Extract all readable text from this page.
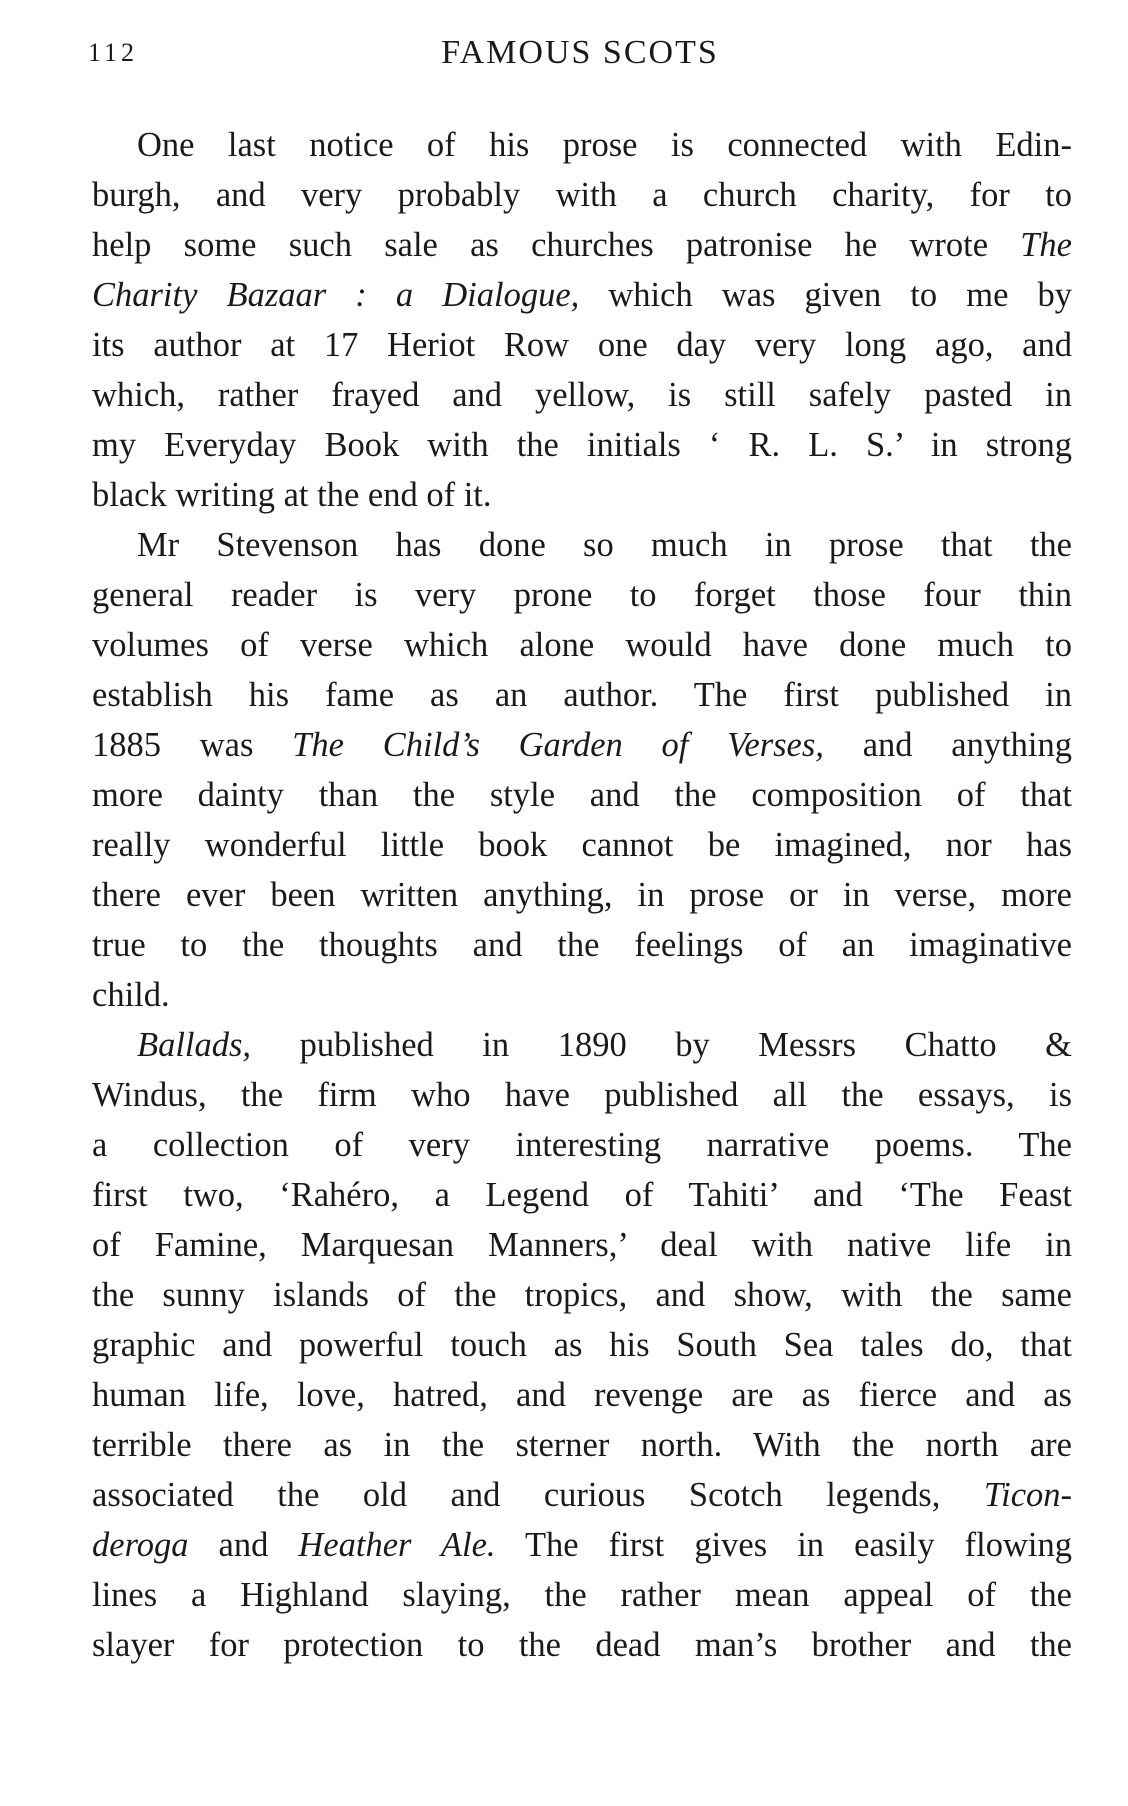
112	FAMOUS SCOTS

One last notice of his prose is connected with Edin-
burgh, and very probably with a church charity, for to
help some such sale as churches patronise he wrote The
Charity Bazaar : a Dialogue, which was given to me by
its author at 17 Heriot Row one day very long ago, and
which, rather frayed and yellow, is still safely pasted in
my Everyday Book with the initials ‘ R. L. S.’ in strong
black writing at the end of it.

Mr Stevenson has done so much in prose that the
general reader is very prone to forget those four thin
volumes of verse which alone would have done much to
establish his fame as an author. The first published in
1885 was The Child’s Garden of Verses, and anything
more dainty than the style and the composition of that
really wonderful little book cannot be imagined, nor has
there ever been written anything, in prose or in verse, more
true to the thoughts and the feelings of an imaginative
child.

Ballads, published in 1890 by Messrs Chatto &
Windus, the firm who have published all the essays, is
a collection of very interesting narrative poems. The
first two, ‘Rahéro, a Legend of Tahiti’ and ‘The Feast
of Famine, Marquesan Manners,’ deal with native life in
the sunny islands of the tropics, and show, with the same
graphic and powerful touch as his South Sea tales do, that
human life, love, hatred, and revenge are as fierce and as
terrible there as in the sterner north. With the north are
associated the old and curious Scotch legends, Ticon-
deroga and Heather Ale. The first gives in easily flowing
lines a Highland slaying, the rather mean appeal of the
slayer for protection to the dead man’s brother and the
